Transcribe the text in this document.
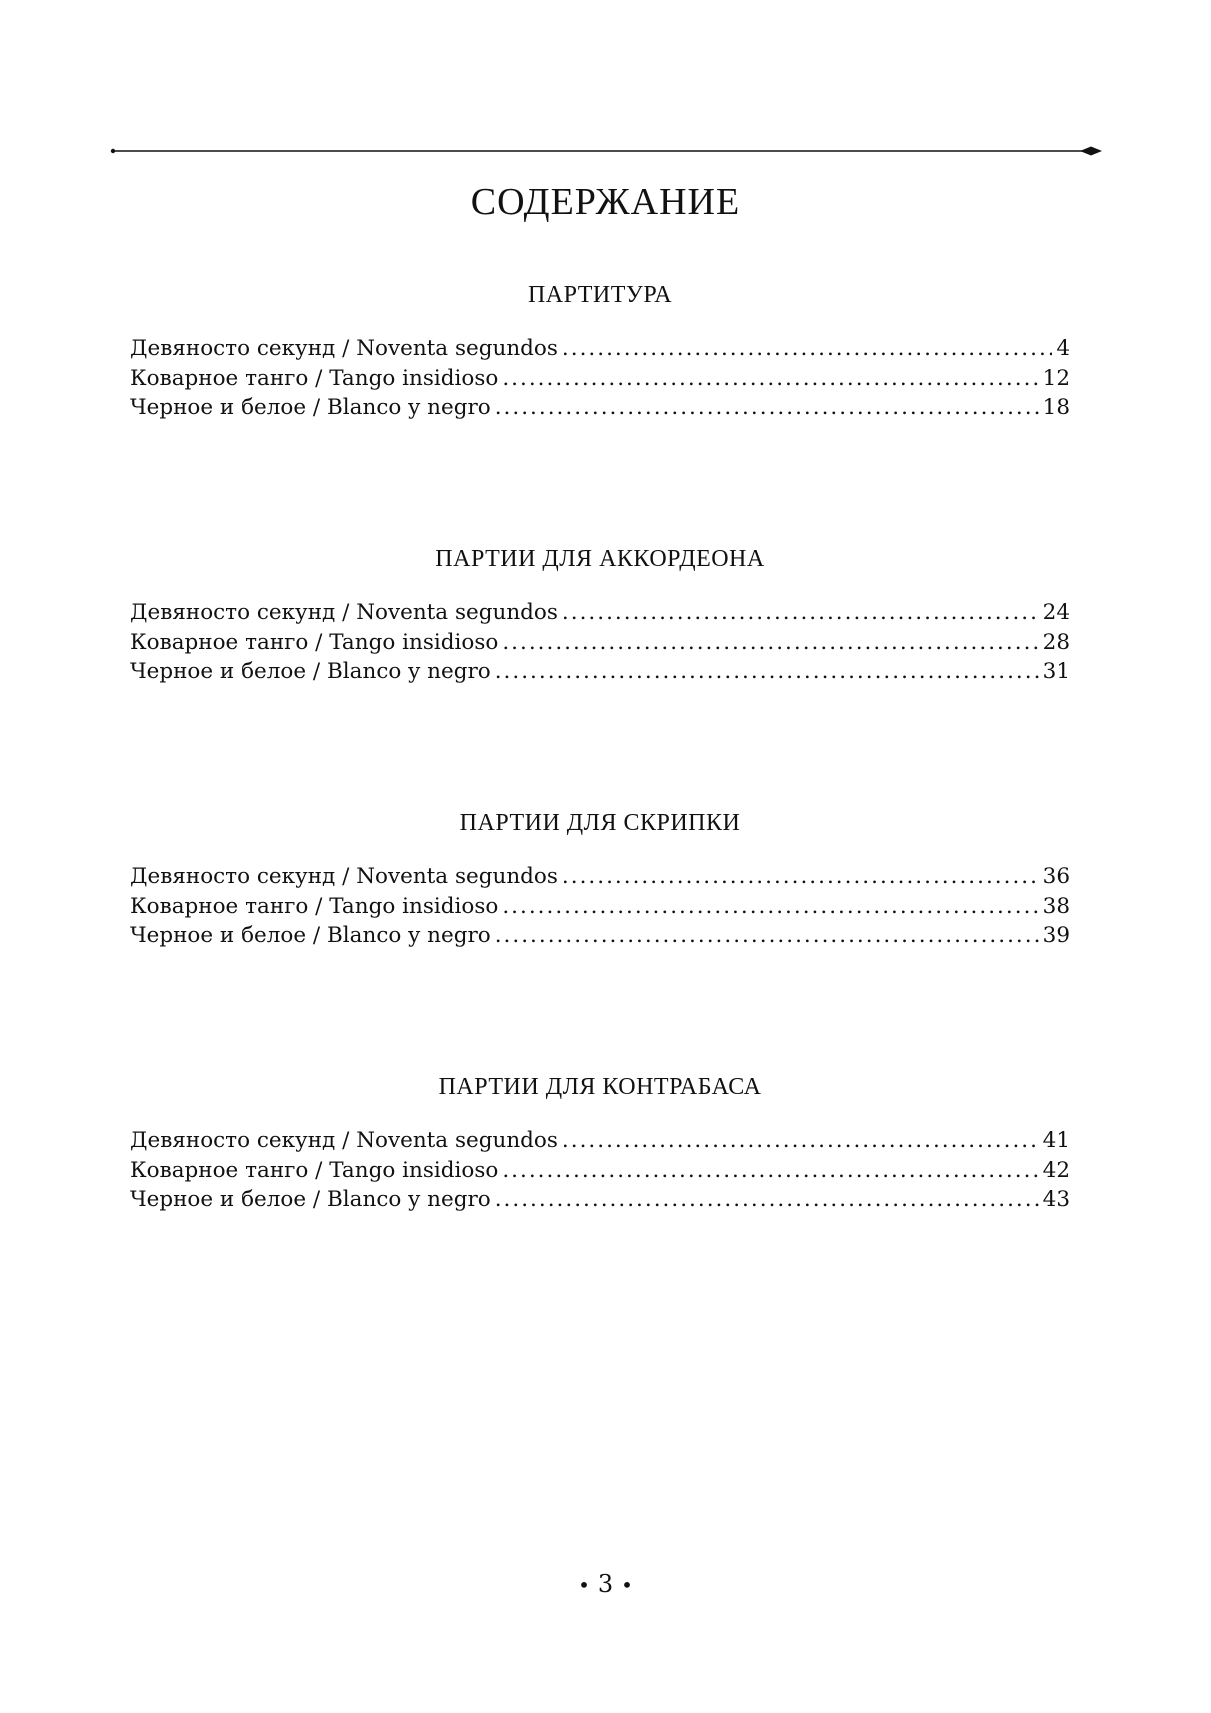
СОДЕРЖАНИЕ
ПАРТИТУРА
Девяносто секунд / Noventa segundos .....	4
Коварное танго / Tango insidioso .....	12
Черное и белое / Blanco y negro .....	18
ПАРТИИ ДЛЯ АККОРДЕОНА
Девяносто секунд / Noventa segundos .....	24
Коварное танго / Tango insidioso .....	28
Черное и белое / Blanco y negro .....	31
ПАРТИИ ДЛЯ СКРИПКИ
Девяносто секунд / Noventa segundos .....	36
Коварное танго / Tango insidioso .....	38
Черное и белое / Blanco y negro .....	39
ПАРТИИ ДЛЯ КОНТРАБАСА
Девяносто секунд / Noventa segundos .....	41
Коварное танго / Tango insidioso .....	42
Черное и белое / Blanco y negro .....	43
• 3 •
